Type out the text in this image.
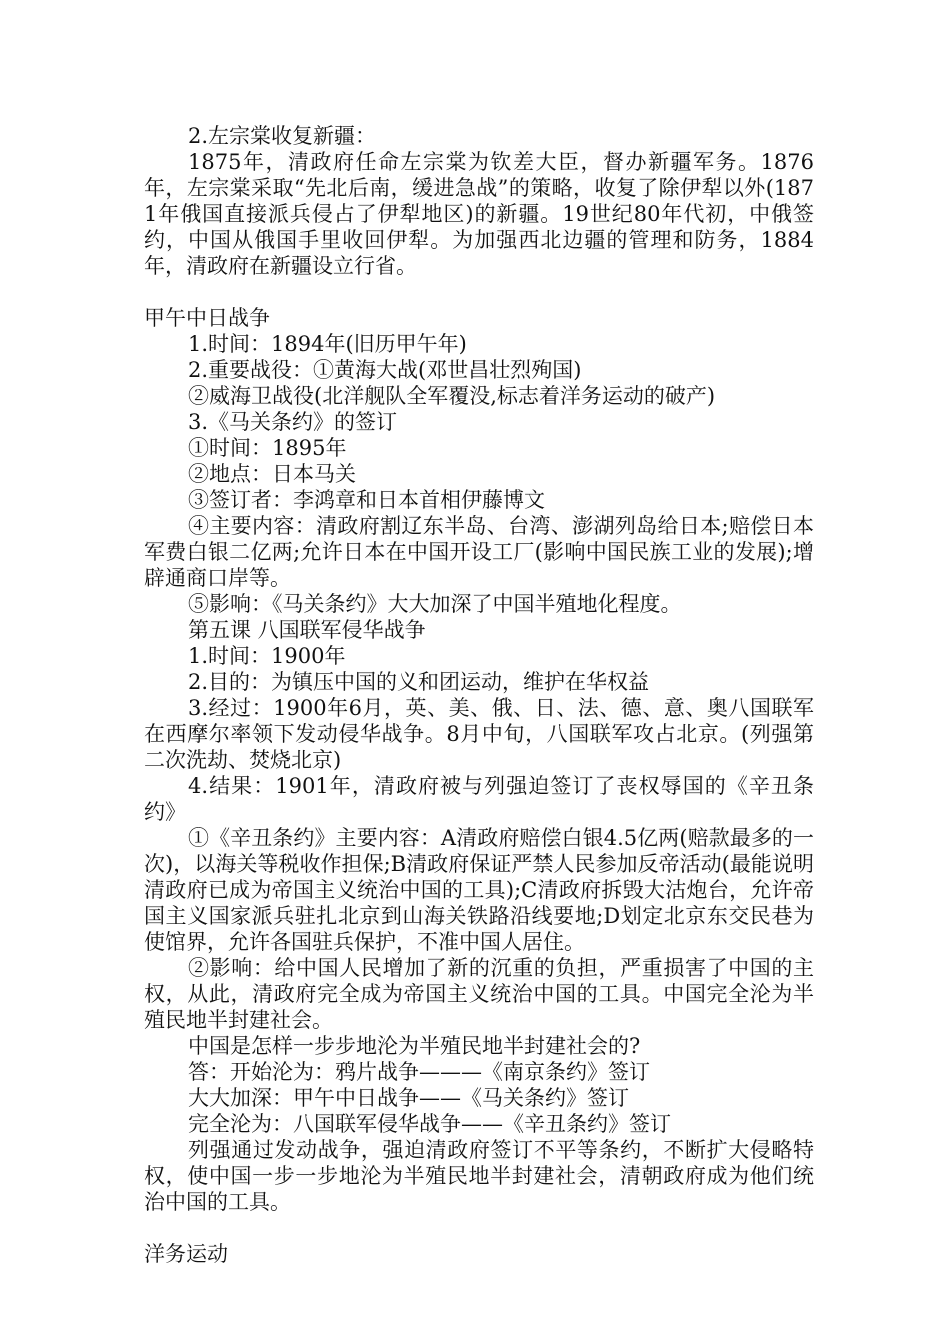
2.左宗棠收复新疆：

1875年，清政府任命左宗棠为钦差大臣，督办新疆军务。1876年，左宗棠采取“先北后南，缓进急战”的策略，收复了除伊犁以外(1871年俄国直接派兵侵占了伊犁地区)的新疆。19世纪80年代初，中俄签约，中国从俄国手里收回伊犁。为加强西北边疆的管理和防务，1884年，清政府在新疆设立行省。

甲午中日战争

1.时间：1894年(旧历甲午年)

2.重要战役：①黄海大战(邓世昌壮烈殉国)

②威海卫战役(北洋舰队全军覆没,标志着洋务运动的破产)

3.《马关条约》的签订

①时间：1895年

②地点：日本马关

③签订者：李鸿章和日本首相伊藤博文

④主要内容：清政府割辽东半岛、台湾、澎湖列岛给日本;赔偿日本军费白银二亿两;允许日本在中国开设工厂(影响中国民族工业的发展);增辟通商口岸等。

⑤影响：《马关条约》大大加深了中国半殖地化程度。

第五课 八国联军侵华战争

1.时间：1900年

2.目的：为镇压中国的义和团运动，维护在华权益

3.经过：1900年6月，英、美、俄、日、法、德、意、奥八国联军在西摩尔率领下发动侵华战争。8月中旬，八国联军攻占北京。(列强第二次洗劫、焚烧北京)

4.结果：1901年，清政府被与列强迫签订了丧权辱国的《辛丑条约》

①《辛丑条约》主要内容：A清政府赔偿白银4.5亿两(赔款最多的一次)，以海关等税收作担保;B清政府保证严禁人民参加反帝活动(最能说明清政府已成为帝国主义统治中国的工具);C清政府拆毁大沽炮台，允许帝国主义国家派兵驻扎北京到山海关铁路沿线要地;D划定北京东交民巷为使馆界，允许各国驻兵保护，不准中国人居住。

②影响：给中国人民增加了新的沉重的负担，严重损害了中国的主权，从此，清政府完全成为帝国主义统治中国的工具。中国完全沦为半殖民地半封建社会。

中国是怎样一步步地沦为半殖民地半封建社会的?

答：开始沦为：鸦片战争———《南京条约》签订

大大加深：甲午中日战争——《马关条约》签订

完全沦为：八国联军侵华战争——《辛丑条约》签订

列强通过发动战争，强迫清政府签订不平等条约，不断扩大侵略特权，使中国一步一步地沦为半殖民地半封建社会，清朝政府成为他们统治中国的工具。

洋务运动
